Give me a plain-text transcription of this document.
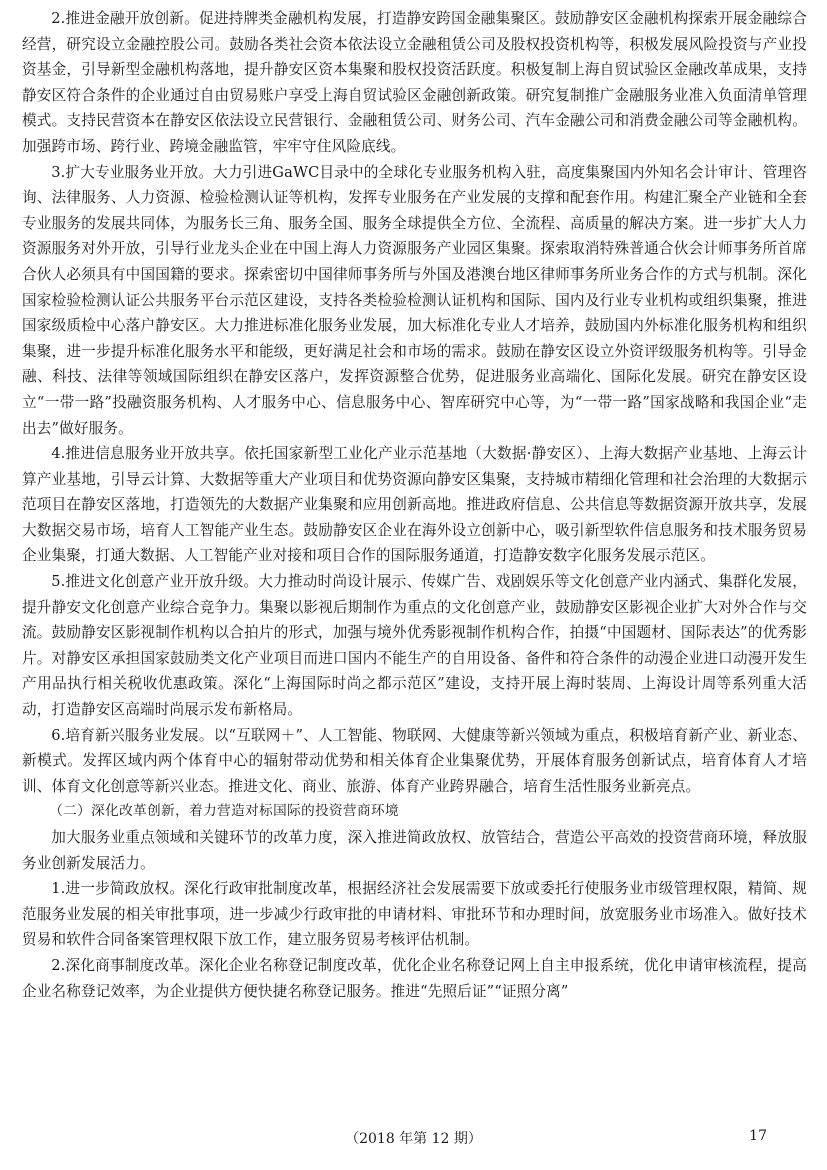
2.推进金融开放创新。促进持牌类金融机构发展，打造静安跨国金融集聚区。鼓励静安区金融机构探索开展金融综合经营，研究设立金融控股公司。鼓励各类社会资本依法设立金融租赁公司及股权投资机构等，积极发展风险投资与产业投资基金，引导新型金融机构落地，提升静安区资本集聚和股权投资活跃度。积极复制上海自贸试验区金融改革成果，支持静安区符合条件的企业通过自由贸易账户享受上海自贸试验区金融创新政策。研究复制推广金融服务业准入负面清单管理模式。支持民营资本在静安区依法设立民营银行、金融租赁公司、财务公司、汽车金融公司和消费金融公司等金融机构。加强跨市场、跨行业、跨境金融监管，牢牢守住风险底线。

3.扩大专业服务业开放。大力引进GaWC目录中的全球化专业服务机构入驻，高度集聚国内外知名会计审计、管理咨询、法律服务、人力资源、检验检测认证等机构，发挥专业服务在产业发展的支撑和配套作用。构建汇聚全产业链和全套专业服务的发展共同体，为服务长三角、服务全国、服务全球提供全方位、全流程、高质量的解决方案。进一步扩大人力资源服务对外开放，引导行业龙头企业在中国上海人力资源服务产业园区集聚。探索取消特殊普通合伙会计师事务所首席合伙人必须具有中国国籍的要求。探索密切中国律师事务所与外国及港澳台地区律师事务所业务合作的方式与机制。深化国家检验检测认证公共服务平台示范区建设，支持各类检验检测认证机构和国际、国内及行业专业机构或组织集聚，推进国家级质检中心落户静安区。大力推进标准化服务业发展，加大标准化专业人才培养，鼓励国内外标准化服务机构和组织集聚，进一步提升标准化服务水平和能级，更好满足社会和市场的需求。鼓励在静安区设立外资评级服务机构等。引导金融、科技、法律等领域国际组织在静安区落户，发挥资源整合优势，促进服务业高端化、国际化发展。研究在静安区设立“一带一路”投融资服务机构、人才服务中心、信息服务中心、智库研究中心等，为“一带一路”国家战略和我国企业“走出去”做好服务。

4.推进信息服务业开放共享。依托国家新型工业化产业示范基地（大数据·静安区）、上海大数据产业基地、上海云计算产业基地，引导云计算、大数据等重大产业项目和优势资源向静安区集聚，支持城市精细化管理和社会治理的大数据示范项目在静安区落地，打造领先的大数据产业集聚和应用创新高地。推进政府信息、公共信息等数据资源开放共享，发展大数据交易市场，培育人工智能产业生态。鼓励静安区企业在海外设立创新中心，吸引新型软件信息服务和技术服务贸易企业集聚，打通大数据、人工智能产业对接和项目合作的国际服务通道，打造静安数字化服务发展示范区。

5.推进文化创意产业开放升级。大力推动时尚设计展示、传媒广告、戏剧娱乐等文化创意产业内涵式、集群化发展，提升静安文化创意产业综合竞争力。集聚以影视后期制作为重点的文化创意产业，鼓励静安区影视企业扩大对外合作与交流。鼓励静安区影视制作机构以合拍片的形式，加强与境外优秀影视制作机构合作，拍摄“中国题材、国际表达”的优秀影片。对静安区承担国家鼓励类文化产业项目而进口国内不能生产的自用设备、备件和符合条件的动漫企业进口动漫开发生产用品执行相关税收优惠政策。深化“上海国际时尚之都示范区”建设，支持开展上海时装周、上海设计周等系列重大活动，打造静安区高端时尚展示发布新格局。

6.培育新兴服务业发展。以“互联网＋”、人工智能、物联网、大健康等新兴领域为重点，积极培育新产业、新业态、新模式。发挥区域内两个体育中心的辐射带动优势和相关体育企业集聚优势，开展体育服务创新试点，培育体育人才培训、体育文化创意等新兴业态。推进文化、商业、旅游、体育产业跨界融合，培育生活性服务业新亮点。

（二）深化改革创新，着力营造对标国际的投资营商环境

加大服务业重点领域和关键环节的改革力度，深入推进简政放权、放管结合，营造公平高效的投资营商环境，释放服务业创新发展活力。

1.进一步简政放权。深化行政审批制度改革，根据经济社会发展需要下放或委托行使服务业市级管理权限，精简、规范服务业发展的相关审批事项，进一步减少行政审批的申请材料、审批环节和办理时间，放宽服务业市场准入。做好技术贸易和软件合同备案管理权限下放工作，建立服务贸易考核评估机制。

2.深化商事制度改革。深化企业名称登记制度改革，优化企业名称登记网上自主申报系统，优化申请审核流程，提高企业名称登记效率，为企业提供方便快捷名称登记服务。推进“先照后证”“证照分离”

（2018 年第 12 期）	17
